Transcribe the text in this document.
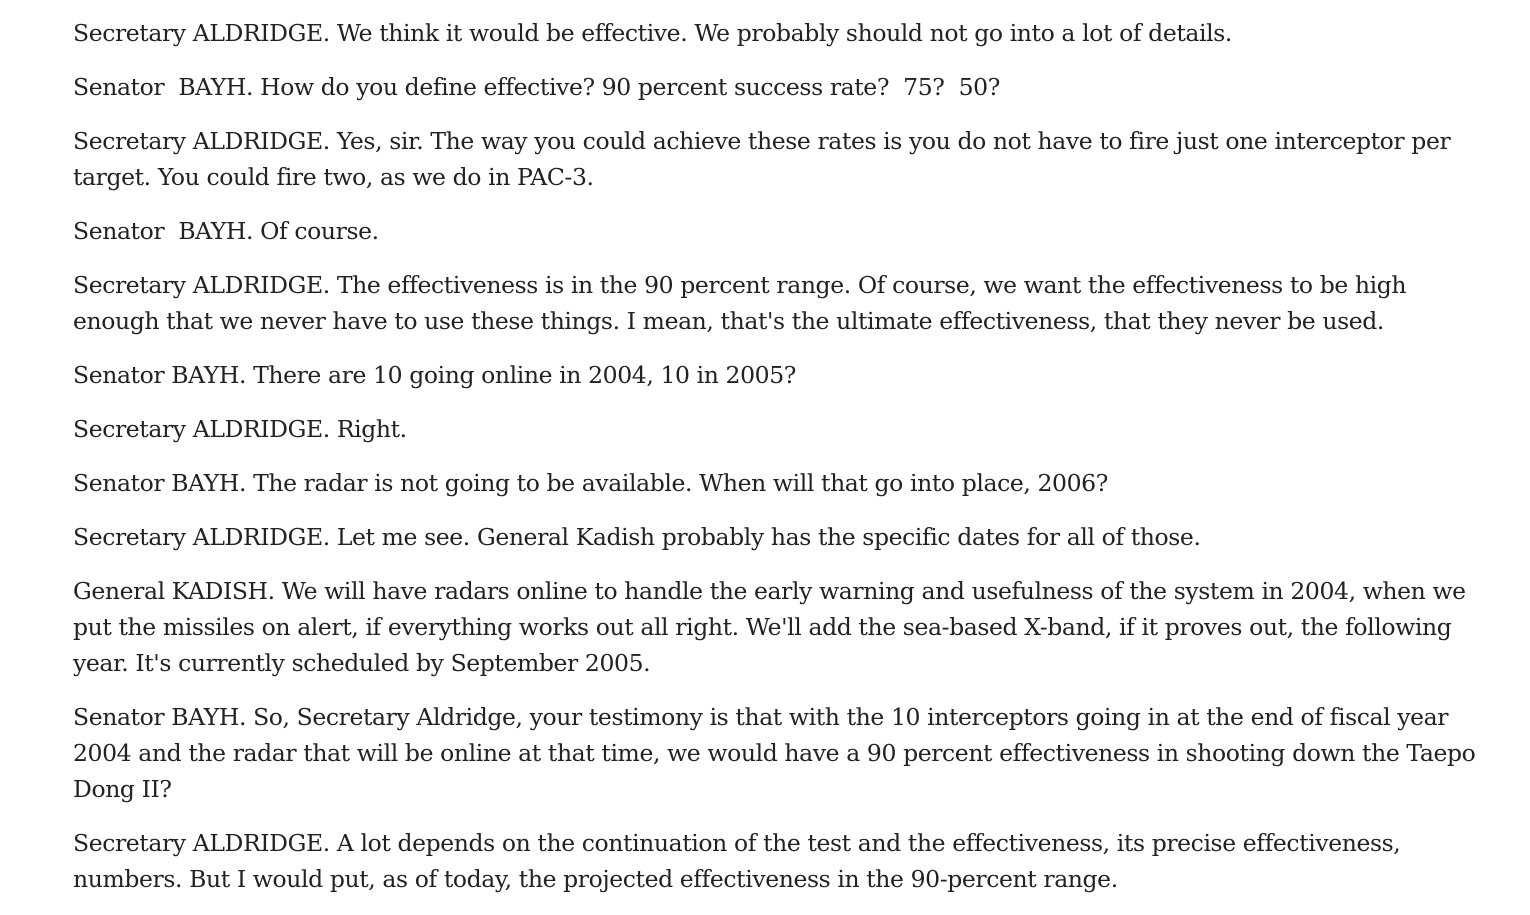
Secretary ALDRIDGE. We think it would be effective. We probably should not go into a lot of details.

Senator  BAYH. How do you define effective? 90 percent success rate?  75?  50?

Secretary ALDRIDGE. Yes, sir. The way you could achieve these rates is you do not have to fire just one interceptor per target. You could fire two, as we do in PAC-3.

Senator  BAYH. Of course.

Secretary ALDRIDGE. The effectiveness is in the 90 percent range. Of course, we want the effectiveness to be high enough that we never have to use these things. I mean, that's the ultimate effectiveness, that they never be used.

Senator BAYH. There are 10 going online in 2004, 10 in 2005?

Secretary ALDRIDGE. Right.

Senator BAYH. The radar is not going to be available. When will that go into place, 2006?

Secretary ALDRIDGE. Let me see. General Kadish probably has the specific dates for all of those.

General KADISH. We will have radars online to handle the early warning and usefulness of the system in 2004, when we put the missiles on alert, if everything works out all right. We'll add the sea-based X-band, if it proves out, the following year. It's currently scheduled by September 2005.

Senator BAYH. So, Secretary Aldridge, your testimony is that with the 10 interceptors going in at the end of fiscal year 2004 and the radar that will be online at that time, we would have a 90 percent effectiveness in shooting down the Taepo Dong II?

Secretary ALDRIDGE. A lot depends on the continuation of the test and the effectiveness, its precise effectiveness, numbers. But I would put, as of today, the projected effectiveness in the 90-percent range.
